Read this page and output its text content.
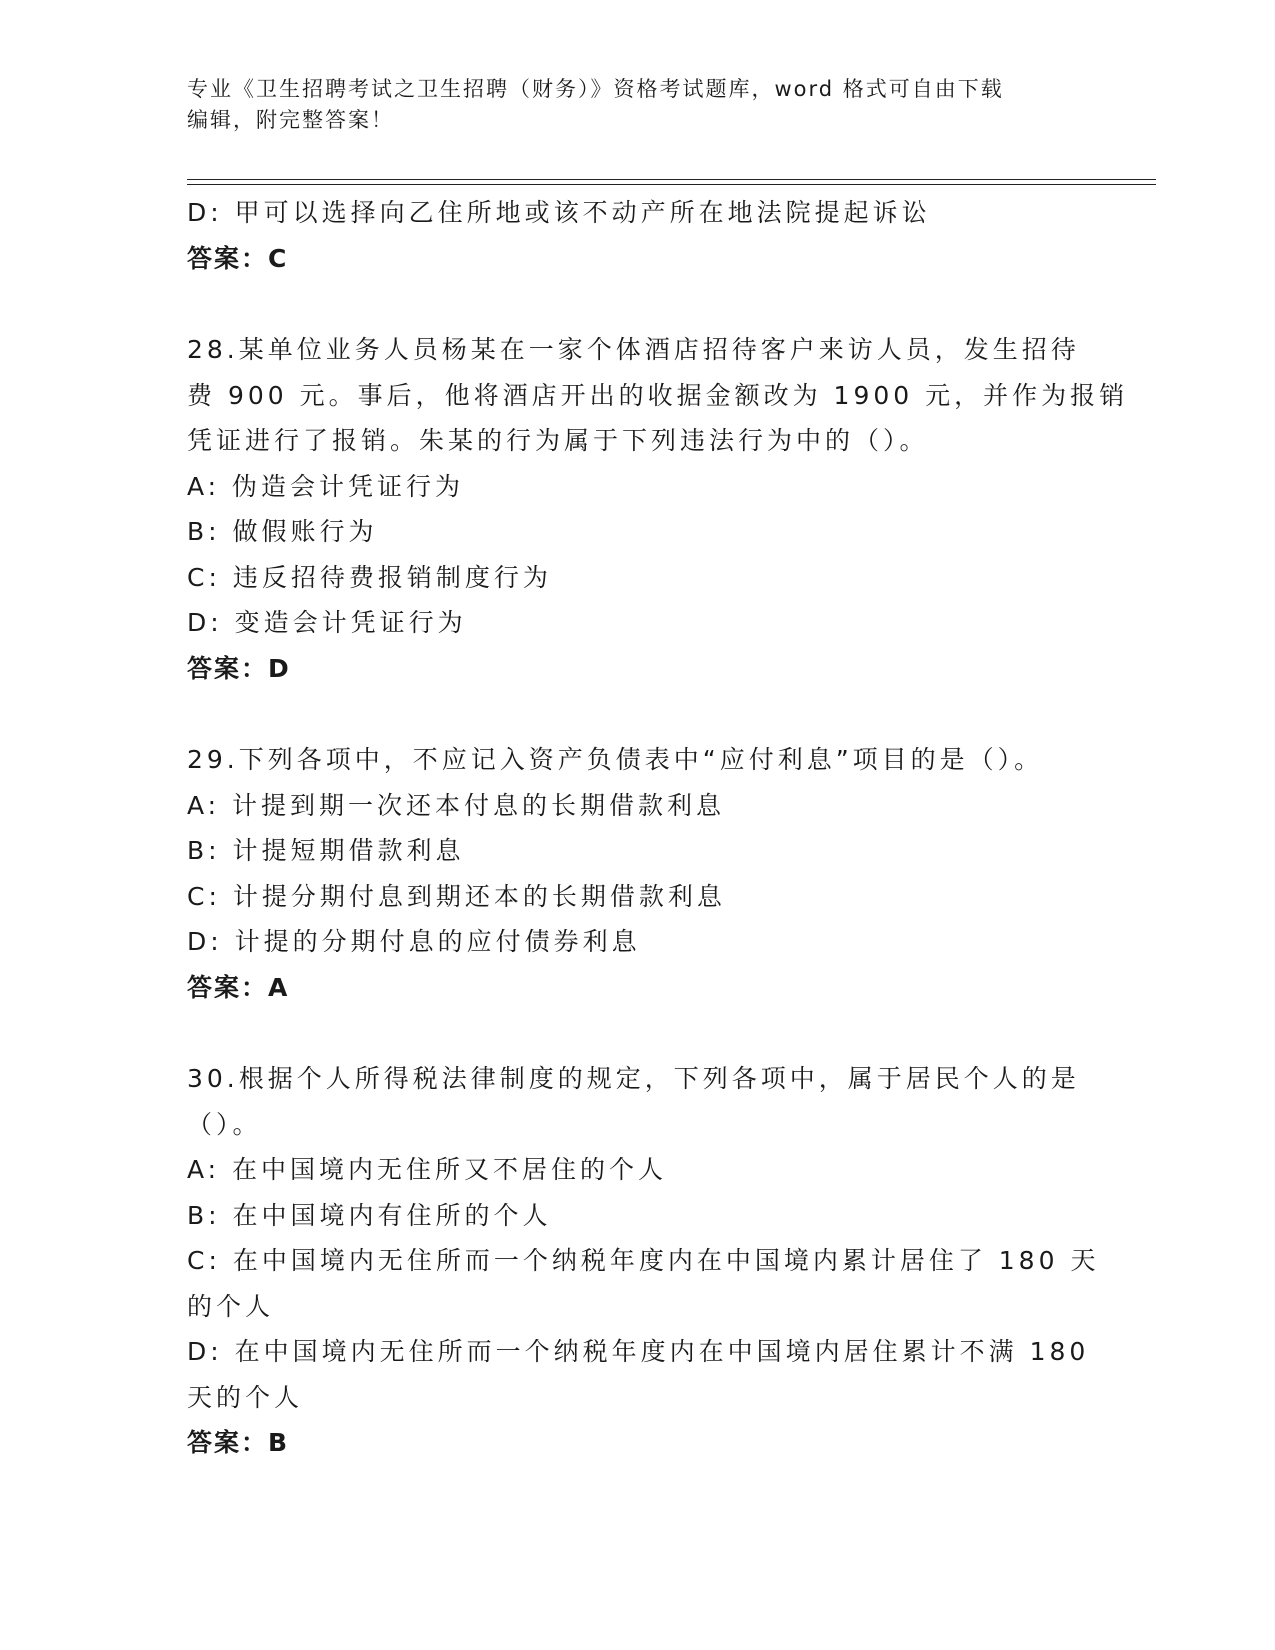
专业《卫生招聘考试之卫生招聘（财务）》资格考试题库，word 格式可自由下载
编辑，附完整答案！
D: 甲可以选择向乙住所地或该不动产所在地法院提起诉讼
答案：C
28.某单位业务人员杨某在一家个体酒店招待客户来访人员，发生招待
费 900 元。事后，他将酒店开出的收据金额改为 1900 元，并作为报销
凭证进行了报销。朱某的行为属于下列违法行为中的（）。
A: 伪造会计凭证行为
B: 做假账行为
C: 违反招待费报销制度行为
D: 变造会计凭证行为
答案：D
29.下列各项中，不应记入资产负债表中“应付利息”项目的是（）。
A: 计提到期一次还本付息的长期借款利息
B: 计提短期借款利息
C: 计提分期付息到期还本的长期借款利息
D: 计提的分期付息的应付债券利息
答案：A
30.根据个人所得税法律制度的规定，下列各项中，属于居民个人的是
（）。
A: 在中国境内无住所又不居住的个人
B: 在中国境内有住所的个人
C: 在中国境内无住所而一个纳税年度内在中国境内累计居住了 180 天
的个人
D: 在中国境内无住所而一个纳税年度内在中国境内居住累计不满 180
天的个人
答案：B
